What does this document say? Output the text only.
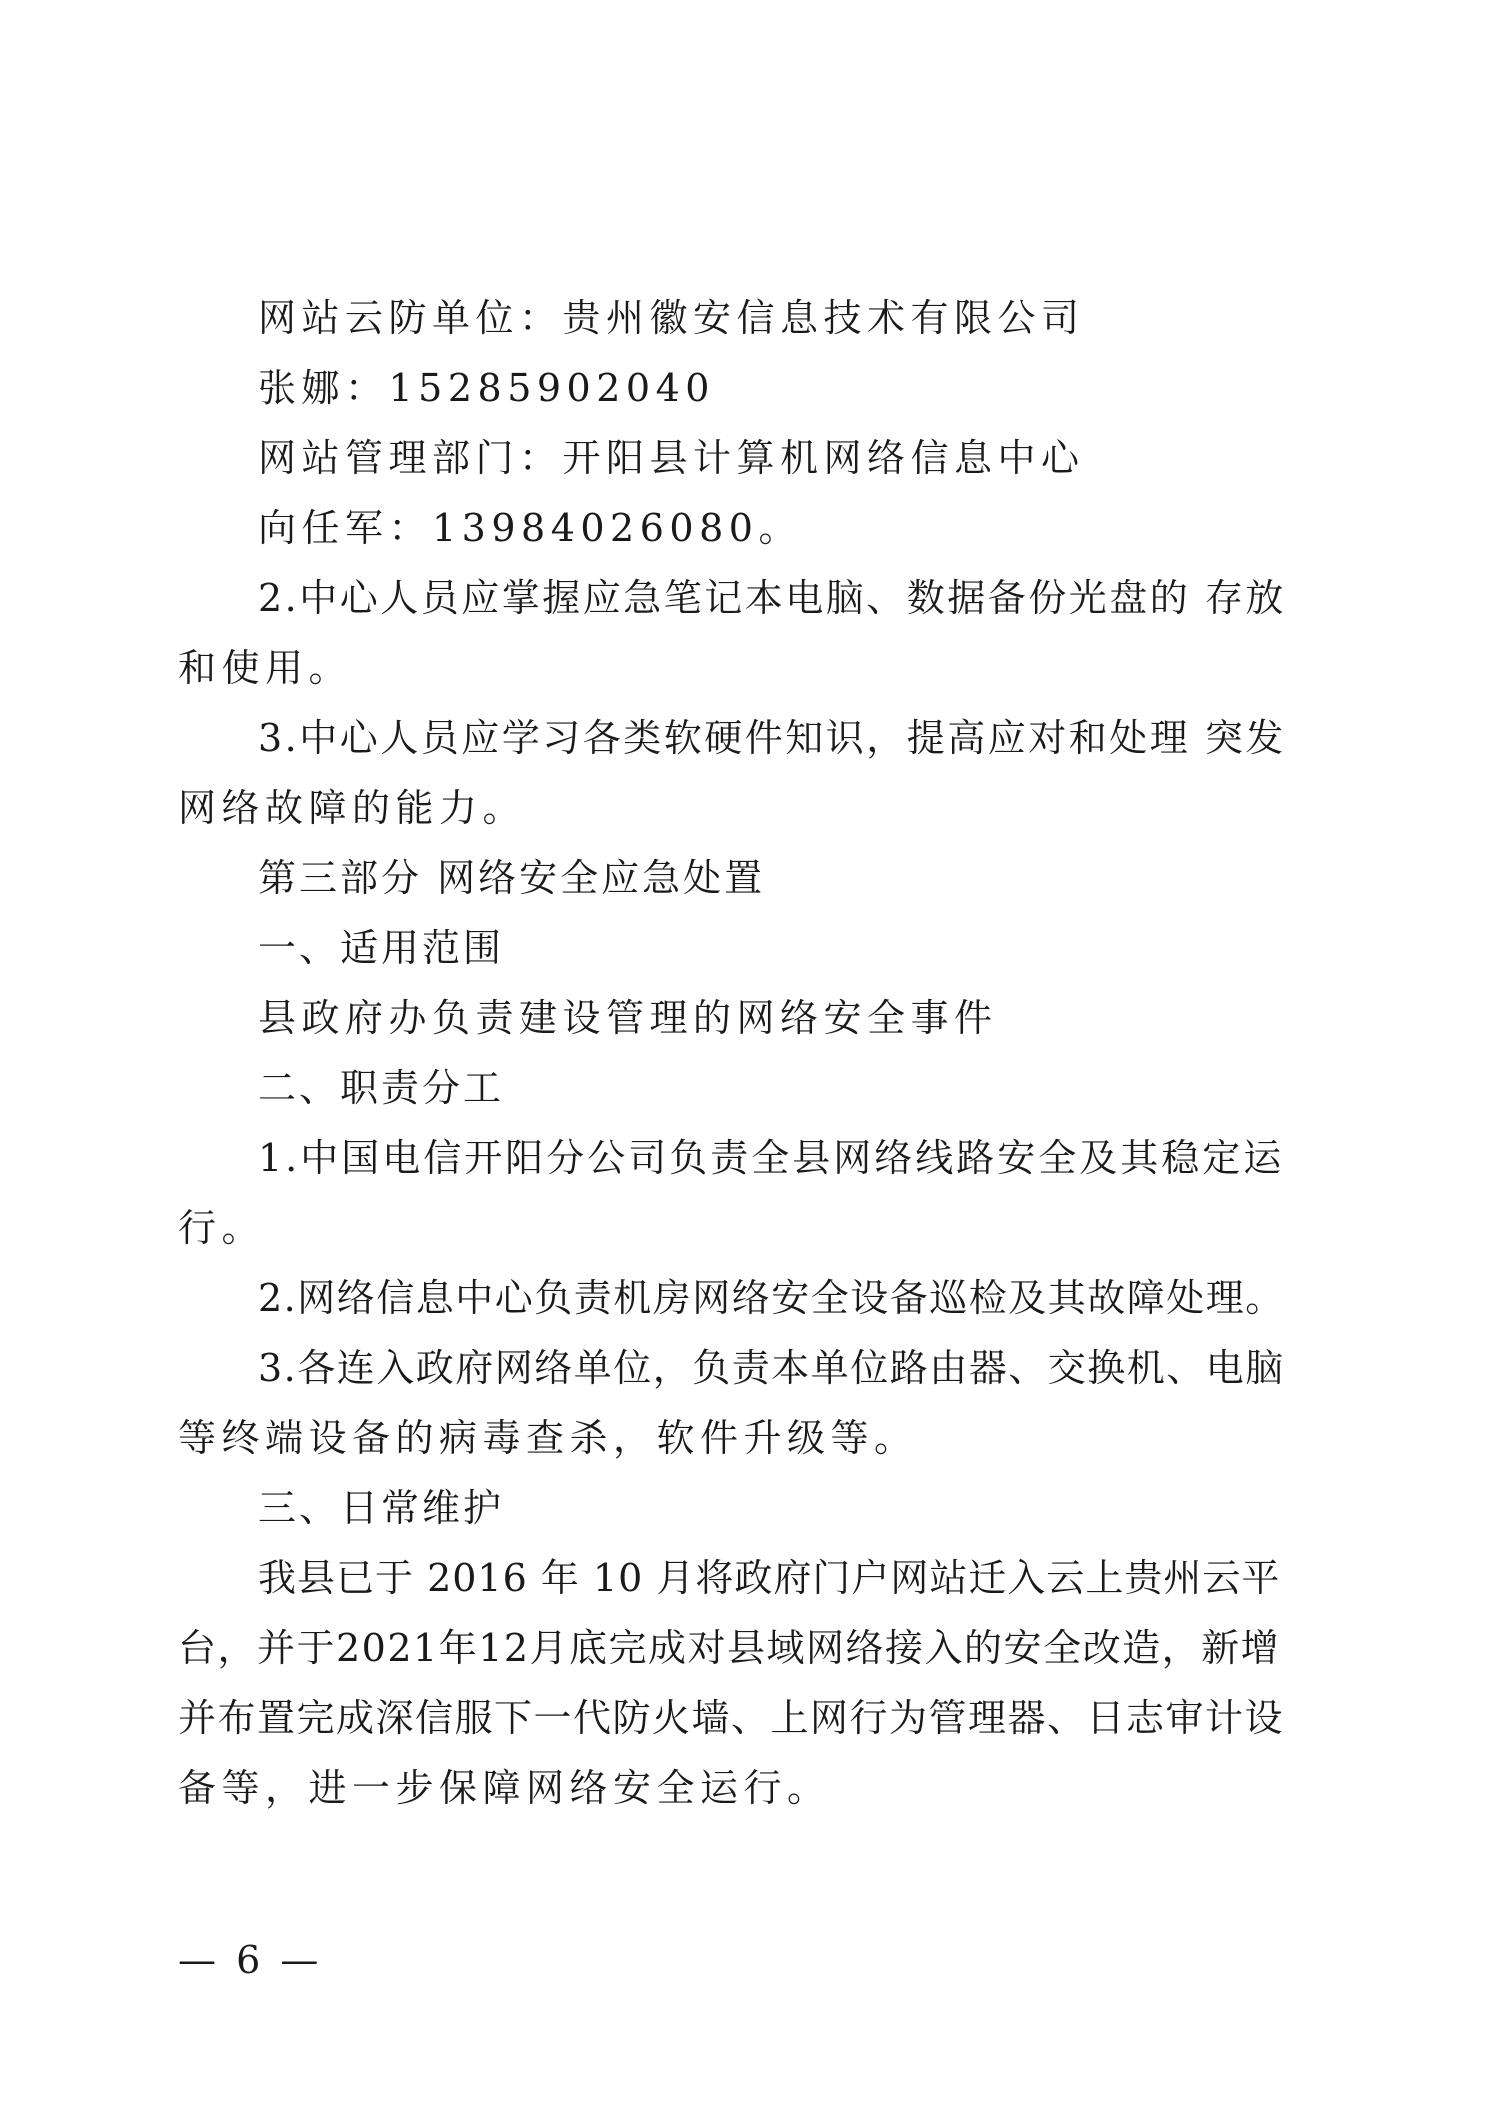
网站云防单位：贵州徽安信息技术有限公司

张娜：15285902040

网站管理部门：开阳县计算机网络信息中心

向任军：13984026080。

2.中心人员应掌握应急笔记本电脑、数据备份光盘的 存放

和使用。

3.中心人员应学习各类软硬件知识，提高应对和处理 突发

网络故障的能力。

第三部分 网络安全应急处置

一、适用范围

县政府办负责建设管理的网络安全事件

二、职责分工

1.中国电信开阳分公司负责全县网络线路安全及其稳定运

行。

2.网络信息中心负责机房网络安全设备巡检及其故障处理。

3.各连入政府网络单位，负责本单位路由器、交换机、电脑

等终端设备的病毒查杀，软件升级等。

三、日常维护

我县已于 2016 年 10 月将政府门户网站迁入云上贵州云平

台，并于2021年12月底完成对县域网络接入的安全改造，新增

并布置完成深信服下一代防火墙、上网行为管理器、日志审计设

备等，进一步保障网络安全运行。

— 6 —
